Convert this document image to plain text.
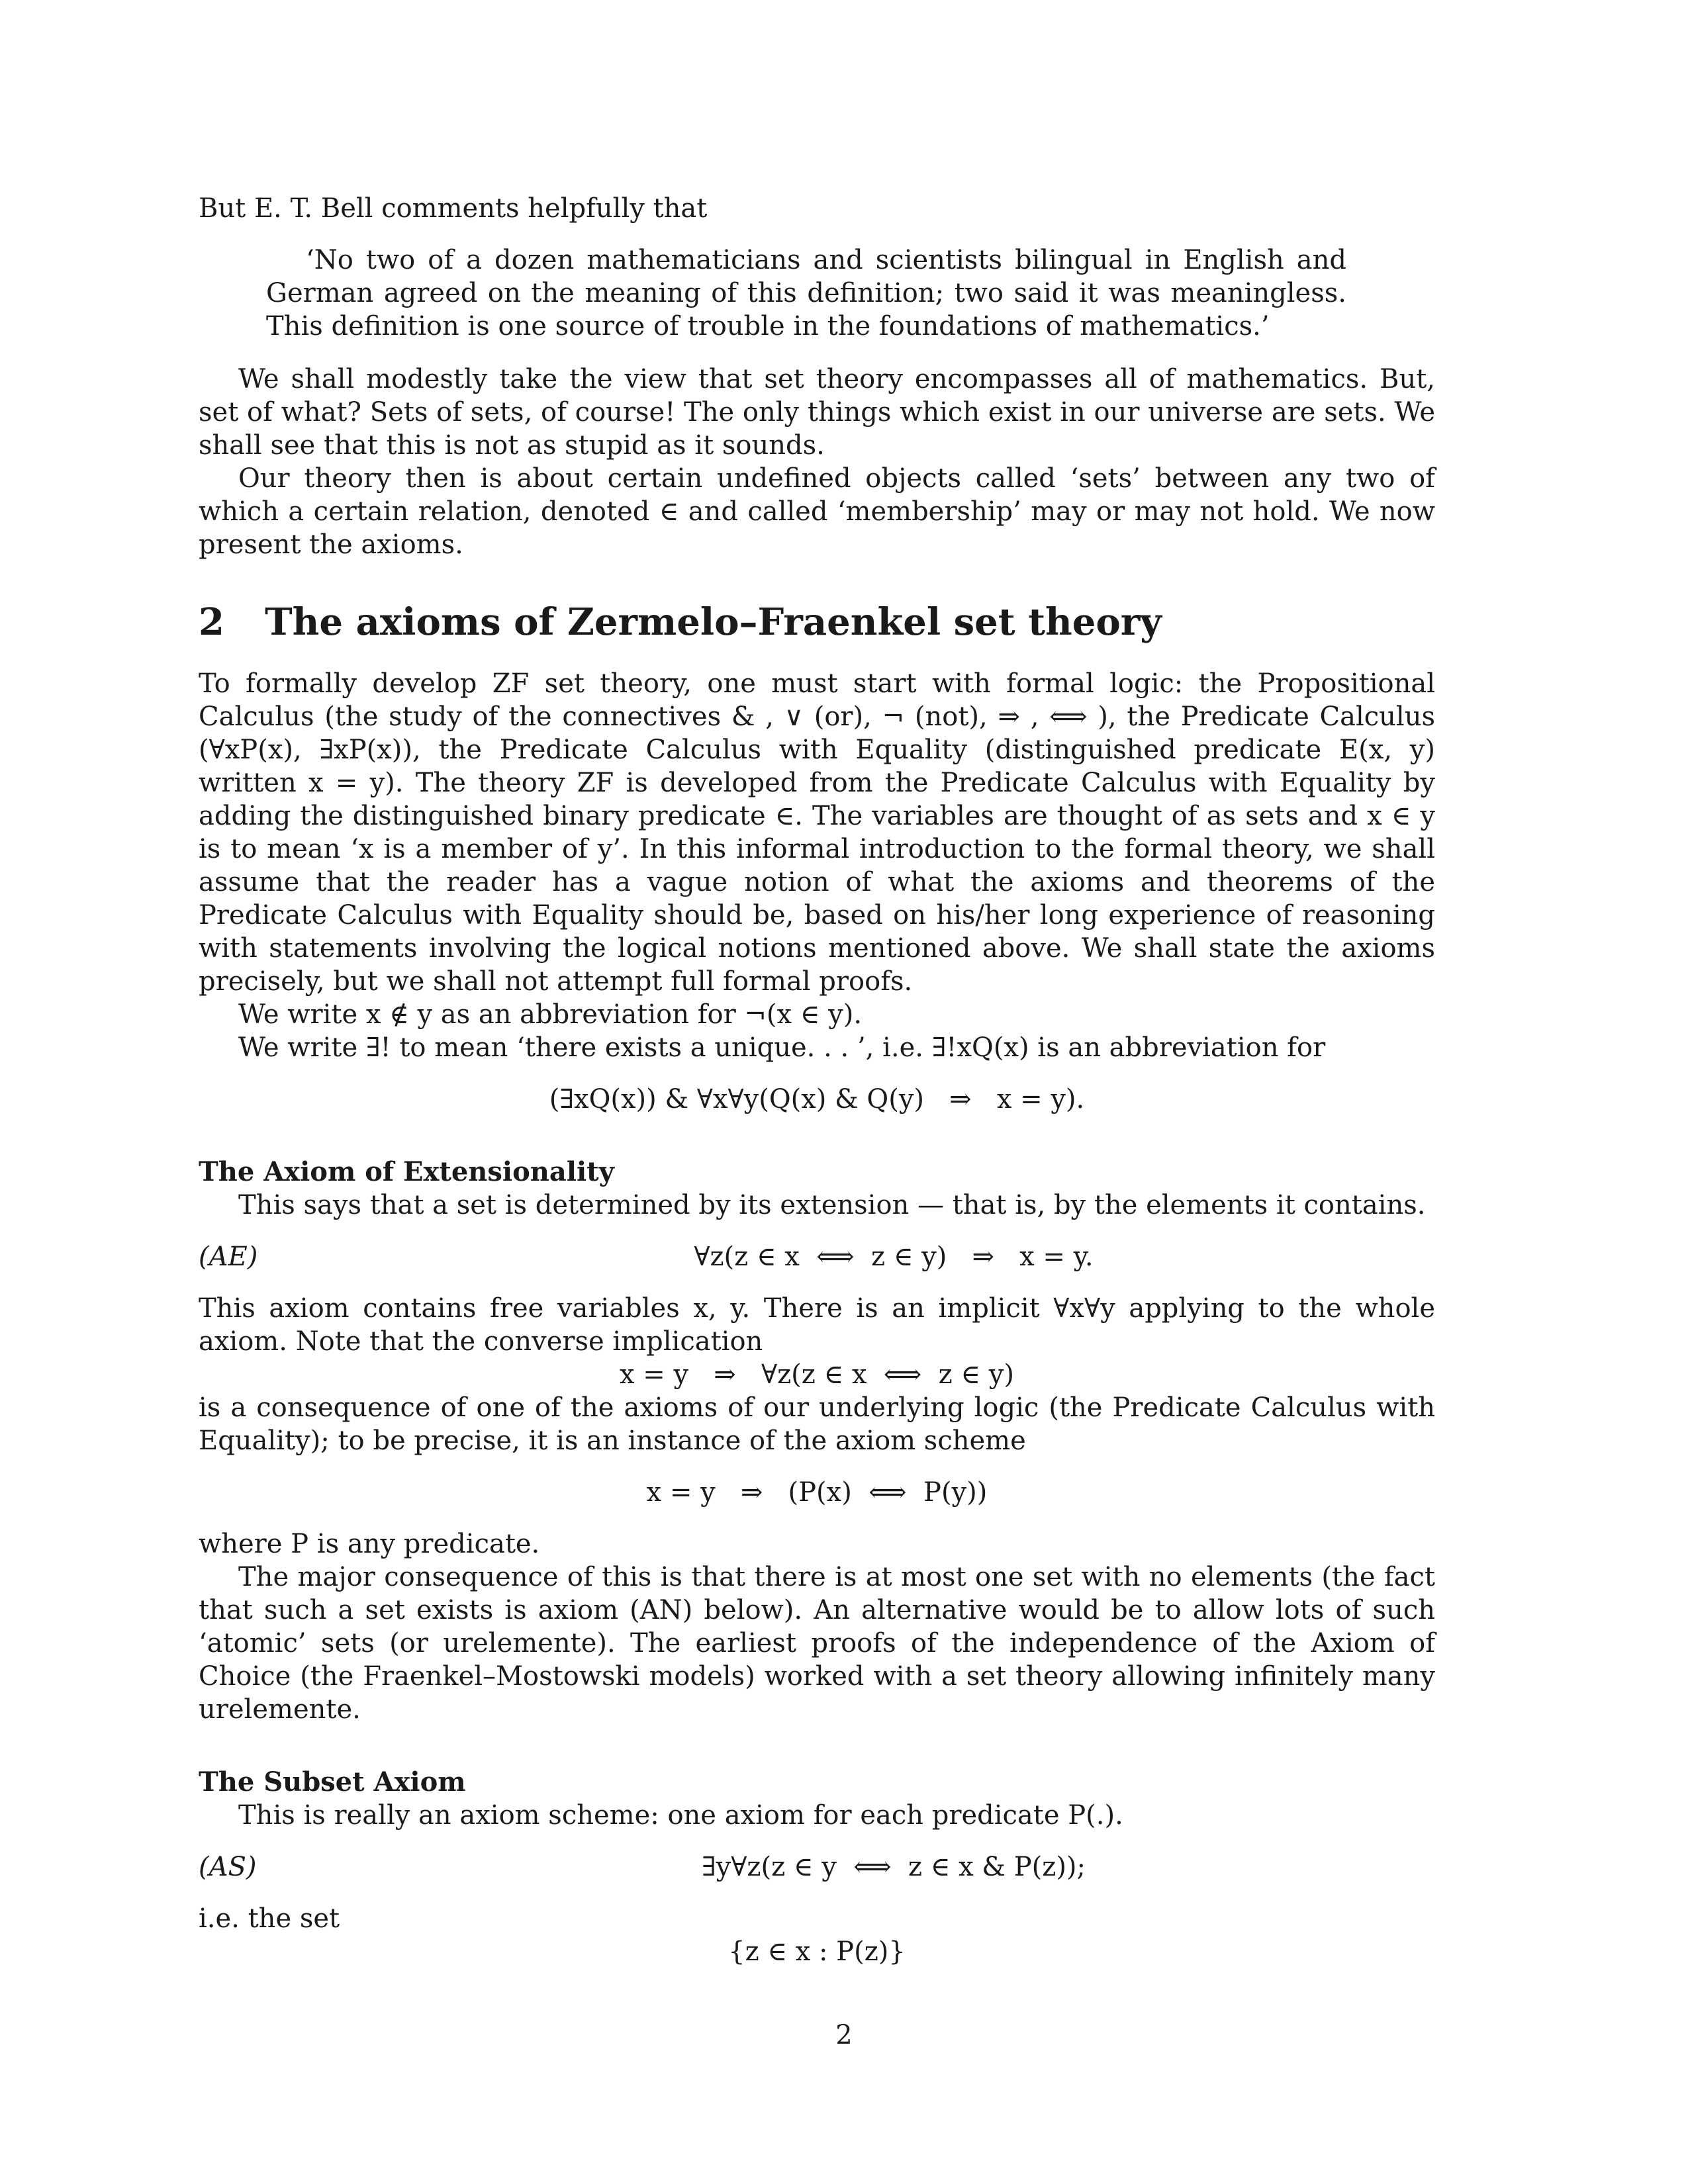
But E. T. Bell comments helpfully that

‘No two of a dozen mathematicians and scientists bilingual in English and German agreed on the meaning of this definition; two said it was meaningless. This definition is one source of trouble in the foundations of mathematics.’

We shall modestly take the view that set theory encompasses all of mathematics. But, set of what? Sets of sets, of course! The only things which exist in our universe are sets. We shall see that this is not as stupid as it sounds.

Our theory then is about certain undefined objects called ‘sets’ between any two of which a certain relation, denoted ∈ and called ‘membership’ may or may not hold. We now present the axioms.

2 The axioms of Zermelo–Fraenkel set theory

To formally develop ZF set theory, one must start with formal logic: the Propositional Calculus (the study of the connectives & , ∨ (or), ¬ (not), ⇒ , ⟺ ), the Predicate Calculus (∀xP(x), ∃xP(x)), the Predicate Calculus with Equality (distinguished predicate E(x, y) written x = y). The theory ZF is developed from the Predicate Calculus with Equality by adding the distinguished binary predicate ∈. The variables are thought of as sets and x ∈ y is to mean ‘x is a member of y’. In this informal introduction to the formal theory, we shall assume that the reader has a vague notion of what the axioms and theorems of the Predicate Calculus with Equality should be, based on his/her long experience of reasoning with statements involving the logical notions mentioned above. We shall state the axioms precisely, but we shall not attempt full formal proofs.

We write x ∉ y as an abbreviation for ¬(x ∈ y).

We write ∃! to mean ‘there exists a unique. . . ’, i.e. ∃!xQ(x) is an abbreviation for

(∃xQ(x)) & ∀x∀y(Q(x) & Q(y)   ⇒   x = y).
The Axiom of Extensionality

This says that a set is determined by its extension — that is, by the elements it contains.

(AE)	∀z(z ∈ x  ⟺  z ∈ y)   ⇒   x = y.

This axiom contains free variables x, y. There is an implicit ∀x∀y applying to the whole axiom. Note that the converse implication

x = y   ⇒   ∀z(z ∈ x  ⟺  z ∈ y)

is a consequence of one of the axioms of our underlying logic (the Predicate Calculus with Equality); to be precise, it is an instance of the axiom scheme

x = y   ⇒   (P(x)  ⟺  P(y))

where P is any predicate.

The major consequence of this is that there is at most one set with no elements (the fact that such a set exists is axiom (AN) below). An alternative would be to allow lots of such ‘atomic’ sets (or urelemente). The earliest proofs of the independence of the Axiom of Choice (the Fraenkel–Mostowski models) worked with a set theory allowing infinitely many urelemente.

The Subset Axiom

This is really an axiom scheme: one axiom for each predicate P(.).

(AS)	∃y∀z(z ∈ y  ⟺  z ∈ x & P(z));

i.e. the set

{z ∈ x : P(z)}
2
